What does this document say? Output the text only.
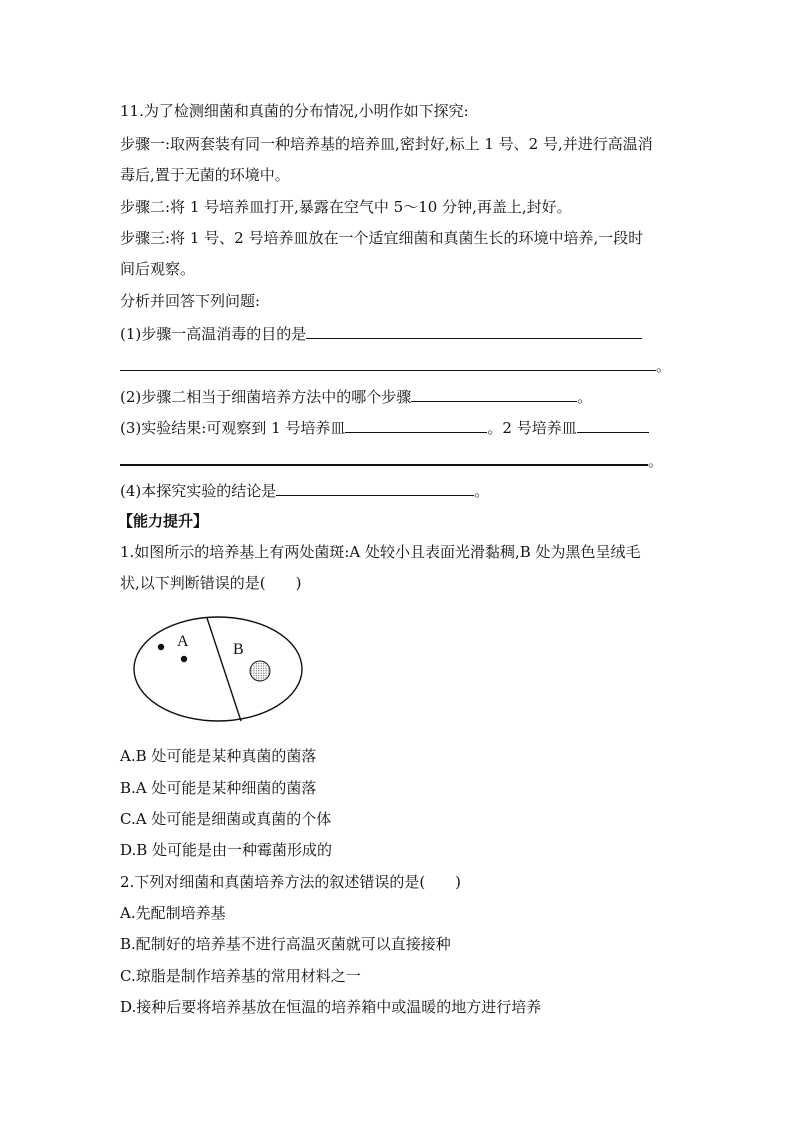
11.为了检测细菌和真菌的分布情况,小明作如下探究:
步骤一:取两套装有同一种培养基的培养皿,密封好,标上 1 号、2 号,并进行高温消
毒后,置于无菌的环境中。
步骤二:将 1 号培养皿打开,暴露在空气中 5～10 分钟,再盖上,封好。
步骤三:将 1 号、2 号培养皿放在一个适宜细菌和真菌生长的环境中培养,一段时
间后观察。
分析并回答下列问题:
(1)步骤一高温消毒的目的是
。
(2)步骤二相当于细菌培养方法中的哪个步骤	。
(3)实验结果:可观察到 1 号培养皿	。2 号培养皿
。
(4)本探究实验的结论是	。
【能力提升】
1.如图所示的培养基上有两处菌斑:A 处较小且表面光滑黏稠,B 处为黑色呈绒毛
状,以下判断错误的是(　　)
A	B
A.B 处可能是某种真菌的菌落
B.A 处可能是某种细菌的菌落
C.A 处可能是细菌或真菌的个体
D.B 处可能是由一种霉菌形成的
2.下列对细菌和真菌培养方法的叙述错误的是(　　)
A.先配制培养基
B.配制好的培养基不进行高温灭菌就可以直接接种
C.琼脂是制作培养基的常用材料之一
D.接种后要将培养基放在恒温的培养箱中或温暖的地方进行培养
